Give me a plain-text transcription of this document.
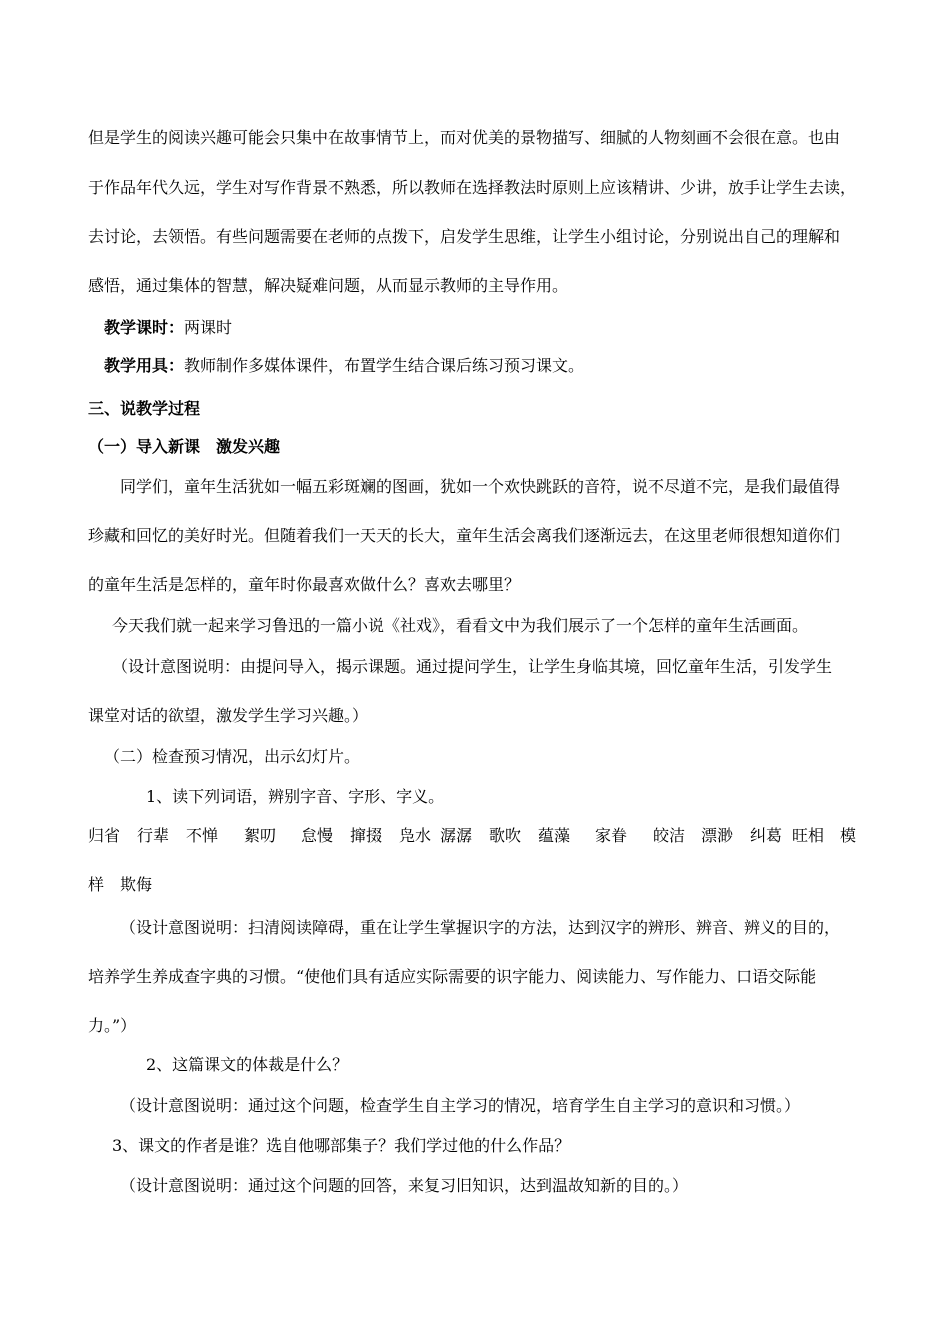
但是学生的阅读兴趣可能会只集中在故事情节上，而对优美的景物描写、细腻的人物刻画不会很在意。也由
于作品年代久远，学生对写作背景不熟悉，所以教师在选择教法时原则上应该精讲、少讲，放手让学生去读，
去讨论，去领悟。有些问题需要在老师的点拨下，启发学生思维，让学生小组讨论，分别说出自己的理解和
感悟，通过集体的智慧，解决疑难问题，从而显示教师的主导作用。
教学课时：两课时
教学用具：教师制作多媒体课件，布置学生结合课后练习预习课文。
三、说教学过程
（一）导入新课　激发兴趣
同学们，童年生活犹如一幅五彩斑斓的图画，犹如一个欢快跳跃的音符，说不尽道不完，是我们最值得
珍藏和回忆的美好时光。但随着我们一天天的长大，童年生活会离我们逐渐远去，在这里老师很想知道你们
的童年生活是怎样的，童年时你最喜欢做什么？喜欢去哪里？
今天我们就一起来学习鲁迅的一篇小说《社戏》，看看文中为我们展示了一个怎样的童年生活画面。
（设计意图说明：由提问导入，揭示课题。通过提问学生，让学生身临其境，回忆童年生活，引发学生
课堂对话的欲望，激发学生学习兴趣。）
（二）检查预习情况，出示幻灯片。
1、读下列词语，辨别字音、字形、字义。
归省 行辈 不惮 絮叨 怠慢 撺掇 凫水 潺潺 歌吹 蕴藻 家眷 皎洁 漂渺 纠葛 旺相 模
样　欺侮
（设计意图说明：扫清阅读障碍，重在让学生掌握识字的方法，达到汉字的辨形、辨音、辨义的目的，
培养学生养成查字典的习惯。“使他们具有适应实际需要的识字能力、阅读能力、写作能力、口语交际能
力。”）
2、这篇课文的体裁是什么？
（设计意图说明：通过这个问题，检查学生自主学习的情况，培育学生自主学习的意识和习惯。）
3、课文的作者是谁？选自他哪部集子？我们学过他的什么作品？
（设计意图说明：通过这个问题的回答，来复习旧知识，达到温故知新的目的。）
